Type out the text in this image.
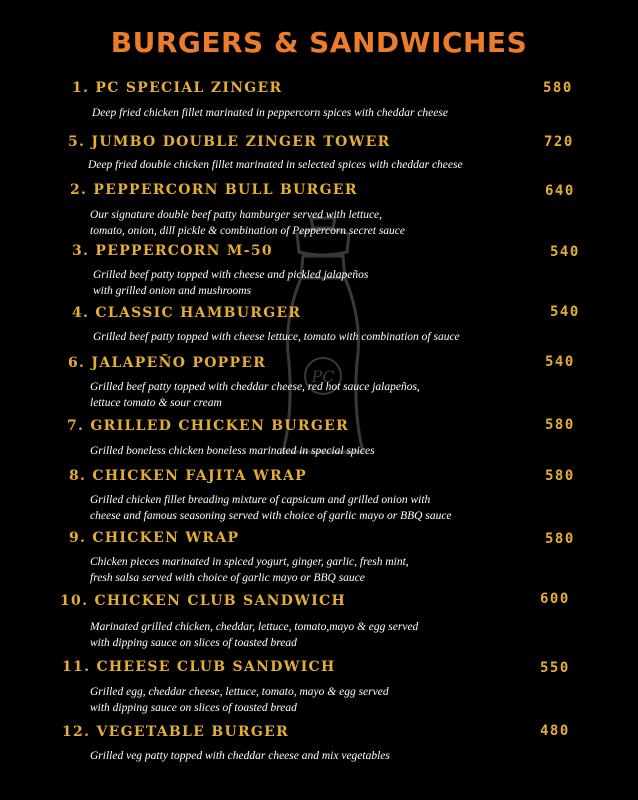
BURGERS & SANDWICHES
PC
1. PC SPECIAL ZINGER	580
Deep fried chicken fillet marinated in peppercorn spices with cheddar cheese
5. JUMBO DOUBLE ZINGER TOWER	720
Deep fried double chicken fillet marinated in selected spices with cheddar cheese
2. PEPPERCORN BULL BURGER	640
Our signature double beef patty hamburger served with lettuce,
tomato, onion, dill pickle & combination of Peppercorn secret sauce
3. PEPPERCORN M-50	540
Grilled beef patty topped with cheese and pickled jalapeños
with grilled onion and mushrooms
4. CLASSIC HAMBURGER	540
Grilled beef patty topped with cheese lettuce, tomato with combination of sauce
6. JALAPEÑO POPPER	540
Grilled beef patty topped with cheddar cheese, red hot sauce jalapeños,
lettuce tomato & sour cream
7. GRILLED CHICKEN BURGER	580
Grilled boneless chicken boneless marinated in special spices
8. CHICKEN FAJITA WRAP	580
Grilled chicken fillet breading mixture of capsicum and grilled onion with
cheese and famous seasoning served with choice of garlic mayo or BBQ sauce
9. CHICKEN WRAP	580
Chicken pieces marinated in spiced yogurt, ginger, garlic, fresh mint,
fresh salsa served with choice of garlic mayo or BBQ sauce
10. CHICKEN CLUB SANDWICH	600
Marinated grilled chicken, cheddar, lettuce, tomato,mayo & egg served
with dipping sauce on slices of toasted bread
11. CHEESE CLUB SANDWICH	550
Grilled egg, cheddar cheese, lettuce, tomato, mayo & egg served
with dipping sauce on slices of toasted bread
12. VEGETABLE BURGER	480
Grilled veg patty topped with cheddar cheese and mix vegetables
